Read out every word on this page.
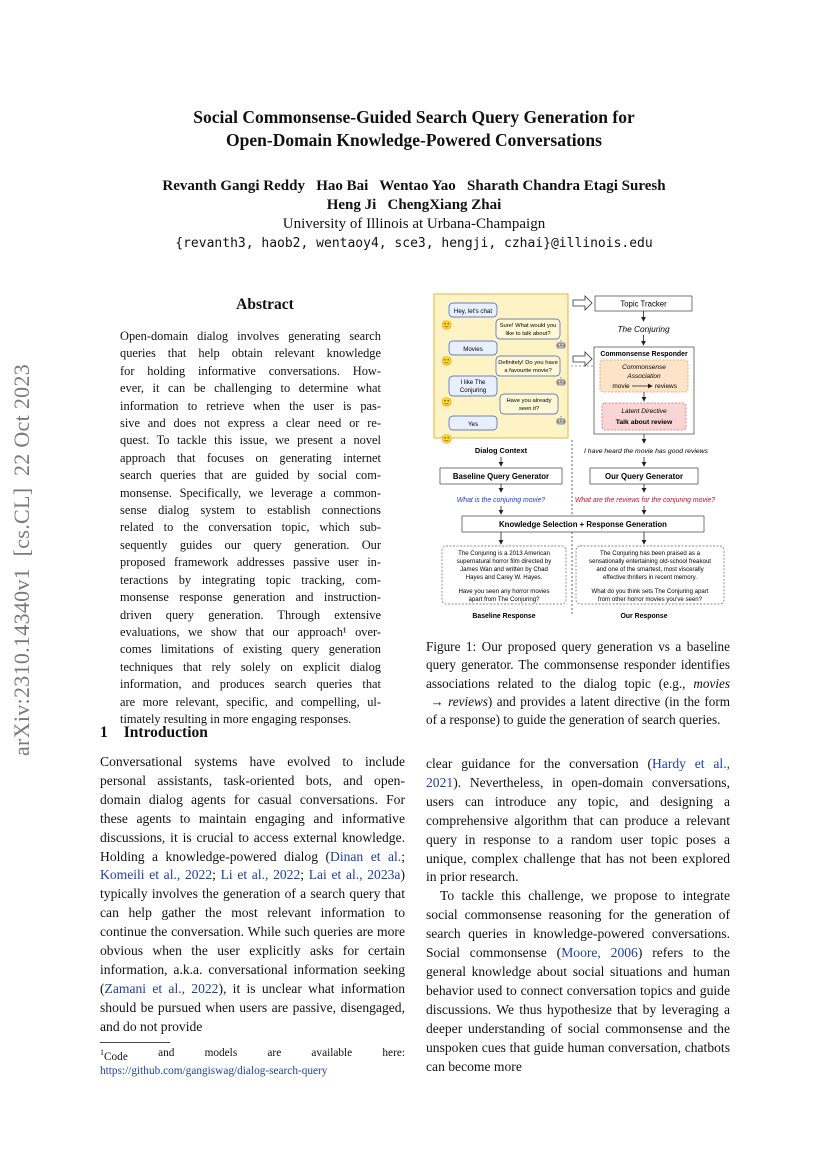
Social Commonsense-Guided Search Query Generation for
Open-Domain Knowledge-Powered Conversations
Revanth Gangi Reddy   Hao Bai   Wentao Yao   Sharath Chandra Etagi Suresh
Heng Ji   ChengXiang Zhai
University of Illinois at Urbana-Champaign
{revanth3, haob2, wentaoy4, sce3, hengji, czhai}@illinois.edu
arXiv:2310.14340v1  [cs.CL]  22 Oct 2023
Abstract
Open-domain dialog involves generating search
queries that help obtain relevant knowledge
for holding informative conversations. How-
ever, it can be challenging to determine what
information to retrieve when the user is pas-
sive and does not express a clear need or re-
quest. To tackle this issue, we present a novel
approach that focuses on generating internet
search queries that are guided by social com-
monsense. Specifically, we leverage a common-
sense dialog system to establish connections
related to the conversation topic, which sub-
sequently guides our query generation. Our
proposed framework addresses passive user in-
teractions by integrating topic tracking, com-
monsense response generation and instruction-
driven query generation. Through extensive
evaluations, we show that our approach¹ over-
comes limitations of existing query generation
techniques that rely solely on explicit dialog
information, and produces search queries that
are more relevant, specific, and compelling, ul-
timately resulting in more engaging responses.
1 Introduction

Conversational systems have evolved to include personal assistants, task-oriented bots, and open-domain dialog agents for casual conversations. For these agents to maintain engaging and informative discussions, it is crucial to access external knowledge. Holding a knowledge-powered dialog (Dinan et al.; Komeili et al., 2022; Li et al., 2022; Lai et al., 2023a) typically involves the generation of a search query that can help gather the most relevant information to continue the conversation. While such queries are more obvious when the user explicitly asks for certain information, a.k.a. conversational information seeking (Zamani et al., 2022), it is unclear what information should be pursued when users are passive, disengaged, and do not provide

$^1$Code	and	models	are	available	here:
https://github.com/gangiswag/dialog-search-query
Hey, let's chat
🙂	Sure! What would you
like to talk about?
🤖
Movies
🙂	Definitely! Do you have
a favourite movie?
🤖
I like The
Conjuring
🙂	Have you already
seen it?
🤖
Yes
🙂
Topic Tracker
The Conjuring
Commonsense Responder
Commonsense
Association
movie	reviews
Latent Directive
Talk about review
Dialog Context	I have heard the movie has good reviews
Baseline Query Generator	Our Query Generator
What is the conjuring movie?	What are the reviews for the conjuring movie?
Knowledge Selection + Response Generation
The Conjuring is a 2013 American
supernatural horror film directed by
James Wan and written by Chad
Hayes and Carey W. Hayes.
Have you seen any horror movies
apart from The Conjuring?
Baseline Response
The Conjuring has been praised as a
sensationally entertaining old-school freakout
and one of the smartest, most viscerally
effective thrillers in recent memory.
What do you think sets The Conjuring apart
from other horror movies you've seen?
Our Response
Figure 1: Our proposed query generation vs a baseline query generator. The commonsense responder identifies associations related to the dialog topic (e.g., movies → reviews) and provides a latent directive (in the form of a response) to guide the generation of search queries.

clear guidance for the conversation (Hardy et al., 2021). Nevertheless, in open-domain conversations, users can introduce any topic, and designing a comprehensive algorithm that can produce a relevant query in response to a random user topic poses a unique, complex challenge that has not been explored in prior research.

To tackle this challenge, we propose to integrate social commonsense reasoning for the generation of search queries in knowledge-powered conversations. Social commonsense (Moore, 2006) refers to the general knowledge about social situations and human behavior used to connect conversation topics and guide discussions. We thus hypothesize that by leveraging a deeper understanding of social commonsense and the unspoken cues that guide human conversation, chatbots can become more
